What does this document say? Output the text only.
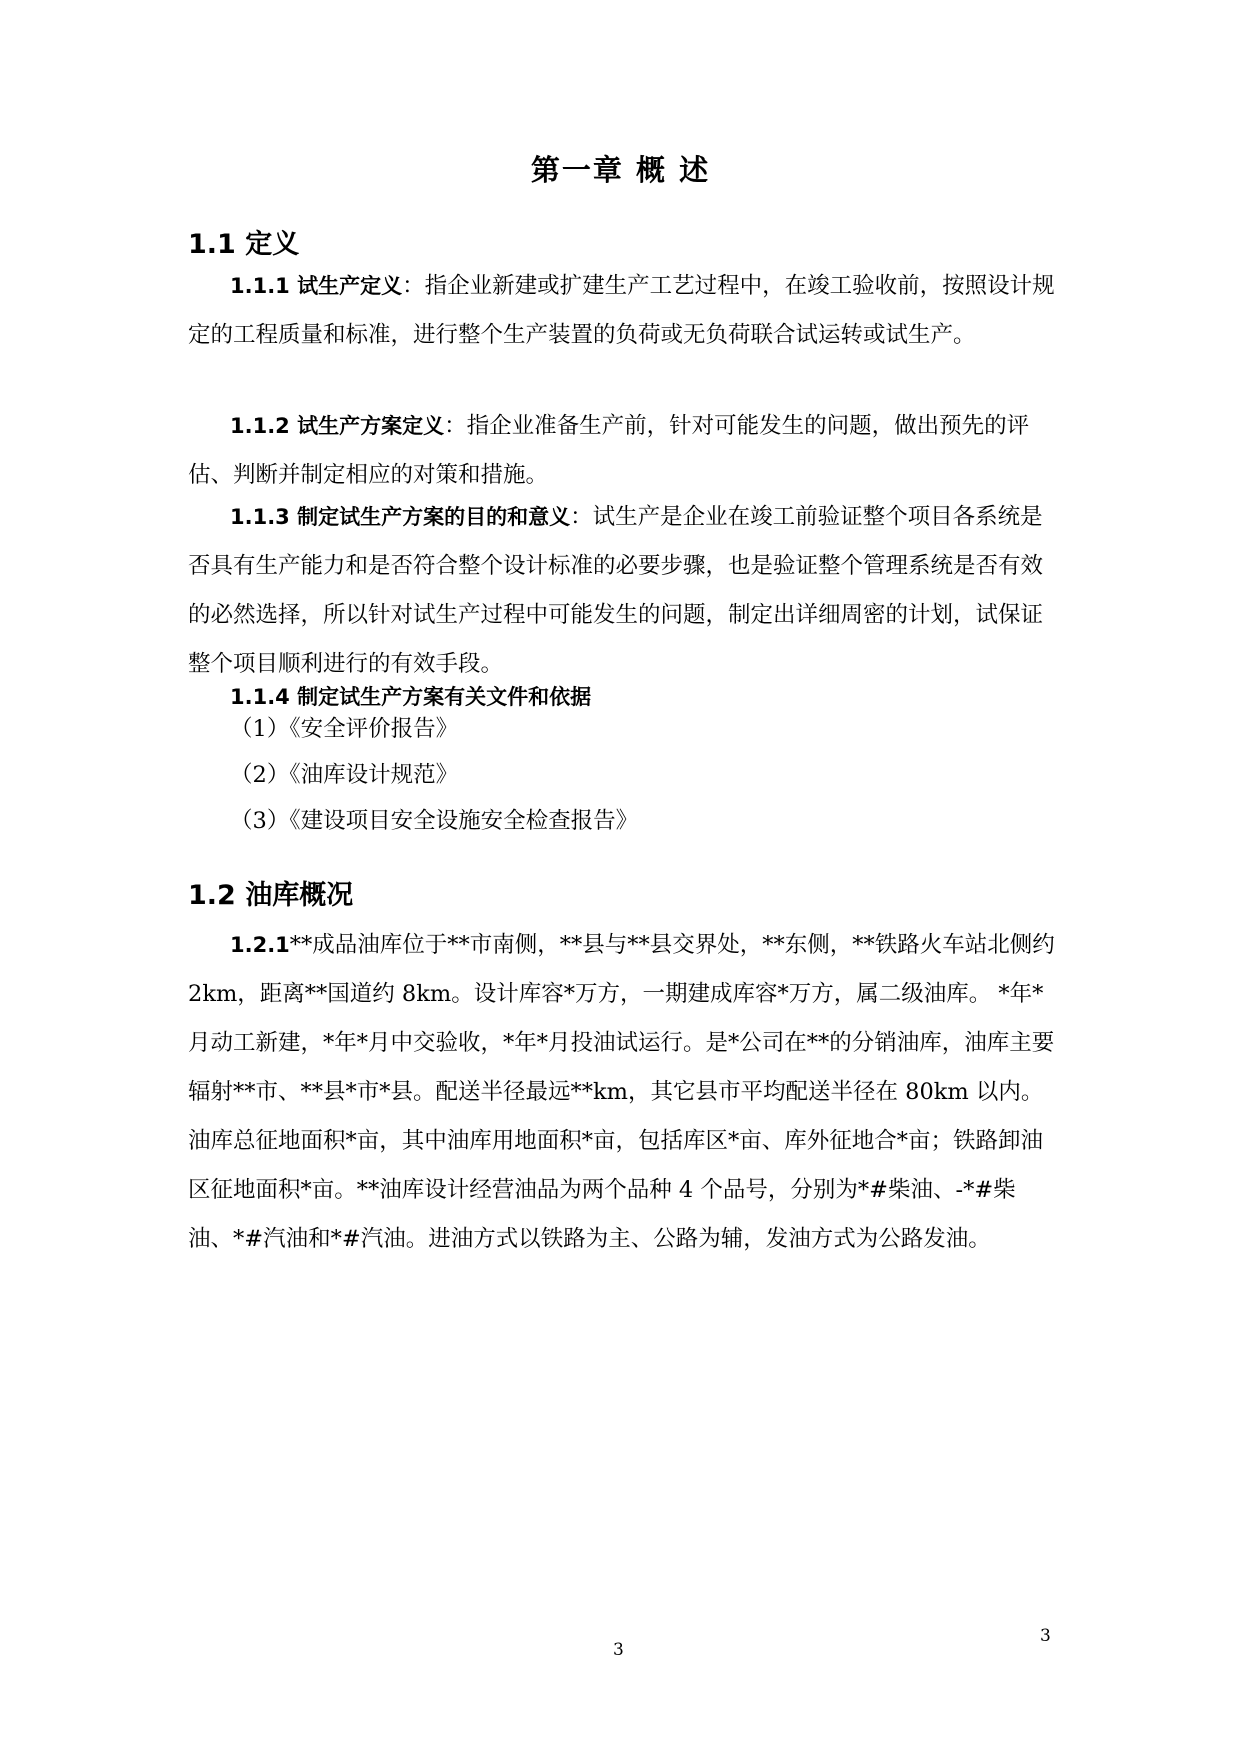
第一章 概 述
1.1 定义
1.1.1 试生产定义：指企业新建或扩建生产工艺过程中，在竣工验收前，按照设计规定的工程质量和标准，进行整个生产装置的负荷或无负荷联合试运转或试生产。
1.1.2 试生产方案定义：指企业准备生产前，针对可能发生的问题，做出预先的评估、判断并制定相应的对策和措施。
1.1.3 制定试生产方案的目的和意义：试生产是企业在竣工前验证整个项目各系统是否具有生产能力和是否符合整个设计标准的必要步骤，也是验证整个管理系统是否有效的必然选择，所以针对试生产过程中可能发生的问题，制定出详细周密的计划，试保证整个项目顺利进行的有效手段。
1.1.4 制定试生产方案有关文件和依据
（1）《安全评价报告》
（2）《油库设计规范》
（3）《建设项目安全设施安全检查报告》
1.2 油库概况
1.2.1**成品油库位于**市南侧，**县与**县交界处，**东侧，**铁路火车站北侧约 2km，距离**国道约 8km。设计库容*万方，一期建成库容*万方，属二级油库。 *年*月动工新建，*年*月中交验收，*年*月投油试运行。是*公司在**的分销油库，油库主要辐射**市、**县*市*县。配送半径最远**km，其它县市平均配送半径在 80km 以内。油库总征地面积*亩，其中油库用地面积*亩，包括库区*亩、库外征地合*亩；铁路卸油区征地面积*亩。**油库设计经营油品为两个品种 4 个品号，分别为*#柴油、-*#柴油、*#汽油和*#汽油。进油方式以铁路为主、公路为辅，发油方式为公路发油。
3
3
